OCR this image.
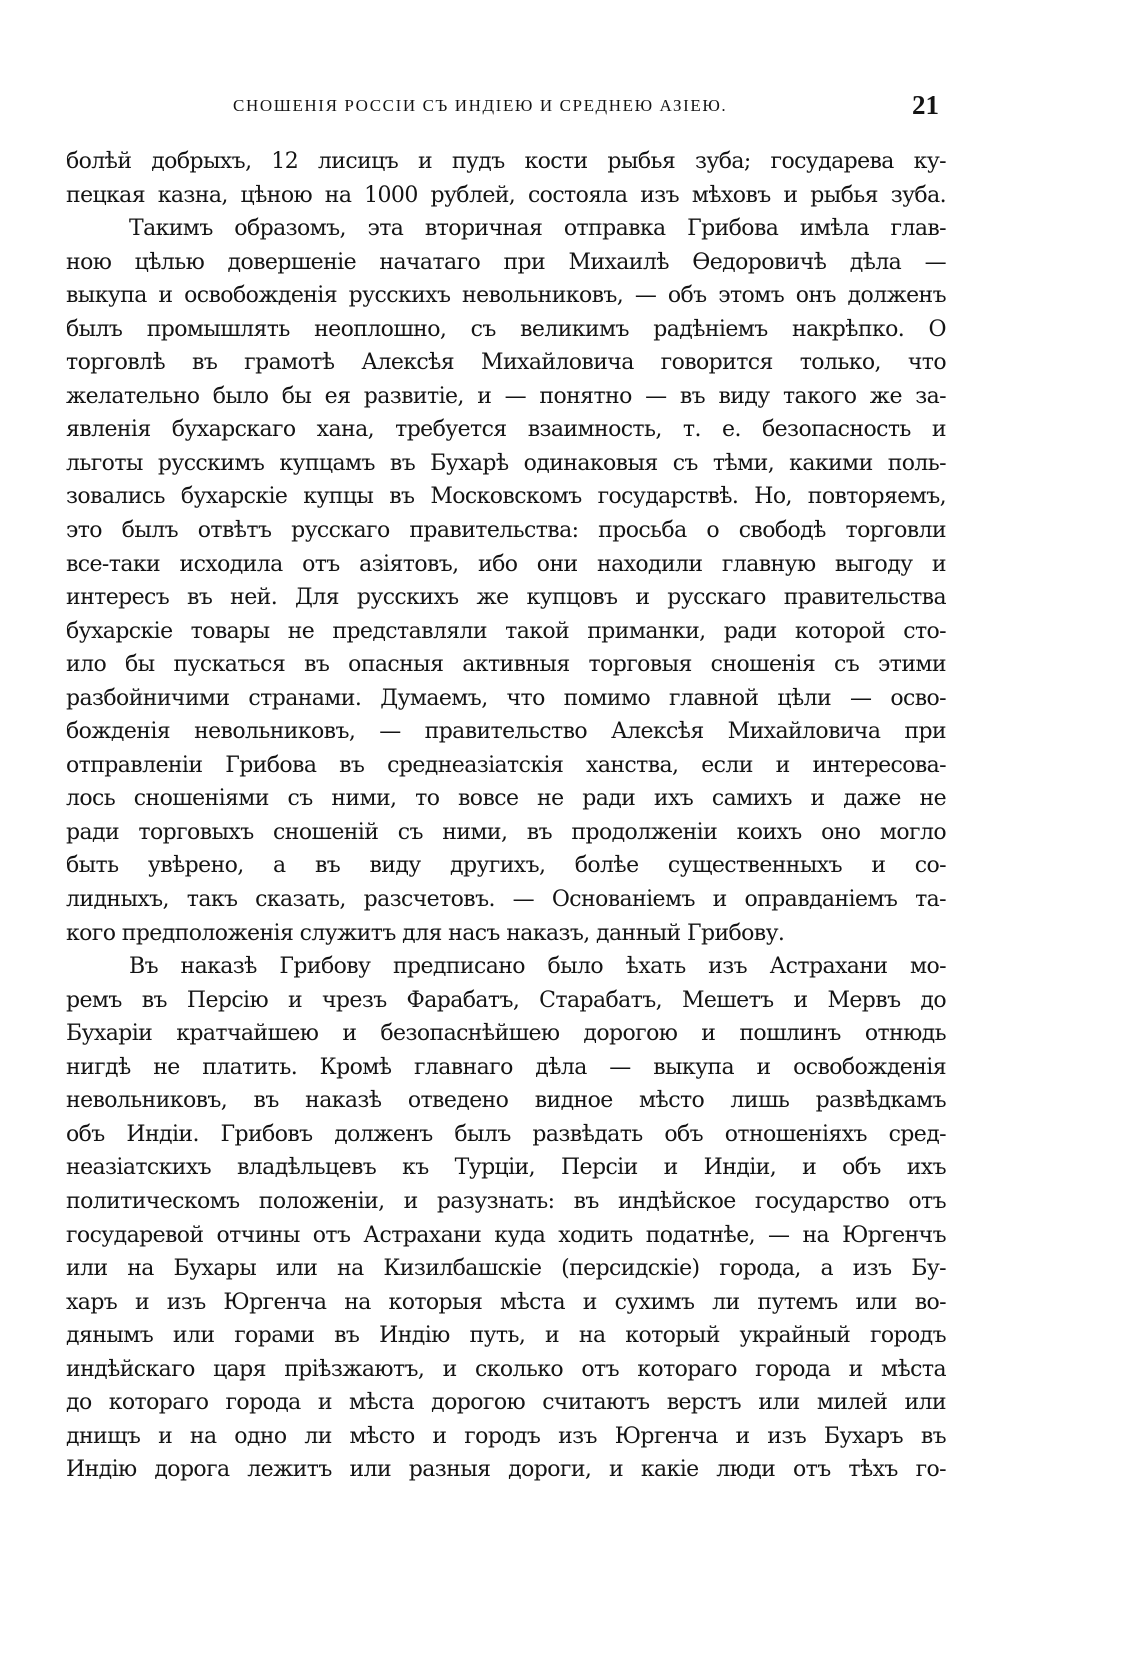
СНОШЕНІЯ РОССІИ СЪ ИНДІЕЮ И СРЕДНЕЮ АЗІЕЮ.	21
болѣй добрыхъ, 12 лисицъ и пудъ кости рыбья зуба; государева ку-
пецкая казна, цѣною на 1000 рублей, состояла изъ мѣховъ и рыбья зуба.
Такимъ образомъ, эта вторичная отправка Грибова имѣла глав-
ною цѣлью довершеніе начатаго при Михаилѣ Өедоровичѣ дѣла —
выкупа и освобожденія русскихъ невольниковъ, — объ этомъ онъ долженъ
былъ промышлять неоплошно, съ великимъ радѣніемъ накрѣпко. О
торговлѣ въ грамотѣ Алексѣя Михайловича говорится только, что
желательно было бы ея развитіе, и — понятно — въ виду такого же за-
явленія бухарскаго хана, требуется взаимность, т. е. безопасность и
льготы русскимъ купцамъ въ Бухарѣ одинаковыя съ тѣми, какими поль-
зовались бухарскіе купцы въ Московскомъ государствѣ. Но, повторяемъ,
это былъ отвѣтъ русскаго правительства: просьба о свободѣ торговли
все-таки исходила отъ азіятовъ, ибо они находили главную выгоду и
интересъ въ ней. Для русскихъ же купцовъ и русскаго правительства
бухарскіе товары не представляли такой приманки, ради которой сто-
ило бы пускаться въ опасныя активныя торговыя сношенія съ этими
разбойничими странами. Думаемъ, что помимо главной цѣли — осво-
божденія невольниковъ, — правительство Алексѣя Михайловича при
отправленіи Грибова въ среднеазіатскія ханства, если и интересова-
лось сношеніями съ ними, то вовсе не ради ихъ самихъ и даже не
ради торговыхъ сношеній съ ними, въ продолженіи коихъ оно могло
быть увѣрено, а въ виду другихъ, болѣе существенныхъ и со-
лидныхъ, такъ сказать, разсчетовъ. — Основаніемъ и оправданіемъ та-
кого предположенія служитъ для насъ наказъ, данный Грибову.
Въ наказѣ Грибову предписано было ѣхать изъ Астрахани мо-
ремъ въ Персію и чрезъ Фарабатъ, Старабатъ, Мешетъ и Мервъ до
Бухаріи кратчайшею и безопаснѣйшею дорогою и пошлинъ отнюдь
нигдѣ не платить. Кромѣ главнаго дѣла — выкупа и освобожденія
невольниковъ, въ наказѣ отведено видное мѣсто лишь развѣдкамъ
объ Индіи. Грибовъ долженъ былъ развѣдать объ отношеніяхъ сред-
неазіатскихъ владѣльцевъ къ Турціи, Персіи и Индіи, и объ ихъ
политическомъ положеніи, и разузнать: въ индѣйское государство отъ
государевой отчины отъ Астрахани куда ходить податнѣе, — на Юргенчъ
или на Бухары или на Кизилбашскіе (персидскіе) города, а изъ Бу-
харъ и изъ Юргенча на которыя мѣста и сухимъ ли путемъ или во-
дянымъ или горами въ Индію путь, и на который украйный городъ
индѣйскаго царя пріѣзжаютъ, и сколько отъ котораго города и мѣста
до котораго города и мѣста дорогою считаютъ верстъ или милей или
днищъ и на одно ли мѣсто и городъ изъ Юргенча и изъ Бухаръ въ
Индію дорога лежитъ или разныя дороги, и какіе люди отъ тѣхъ го-
